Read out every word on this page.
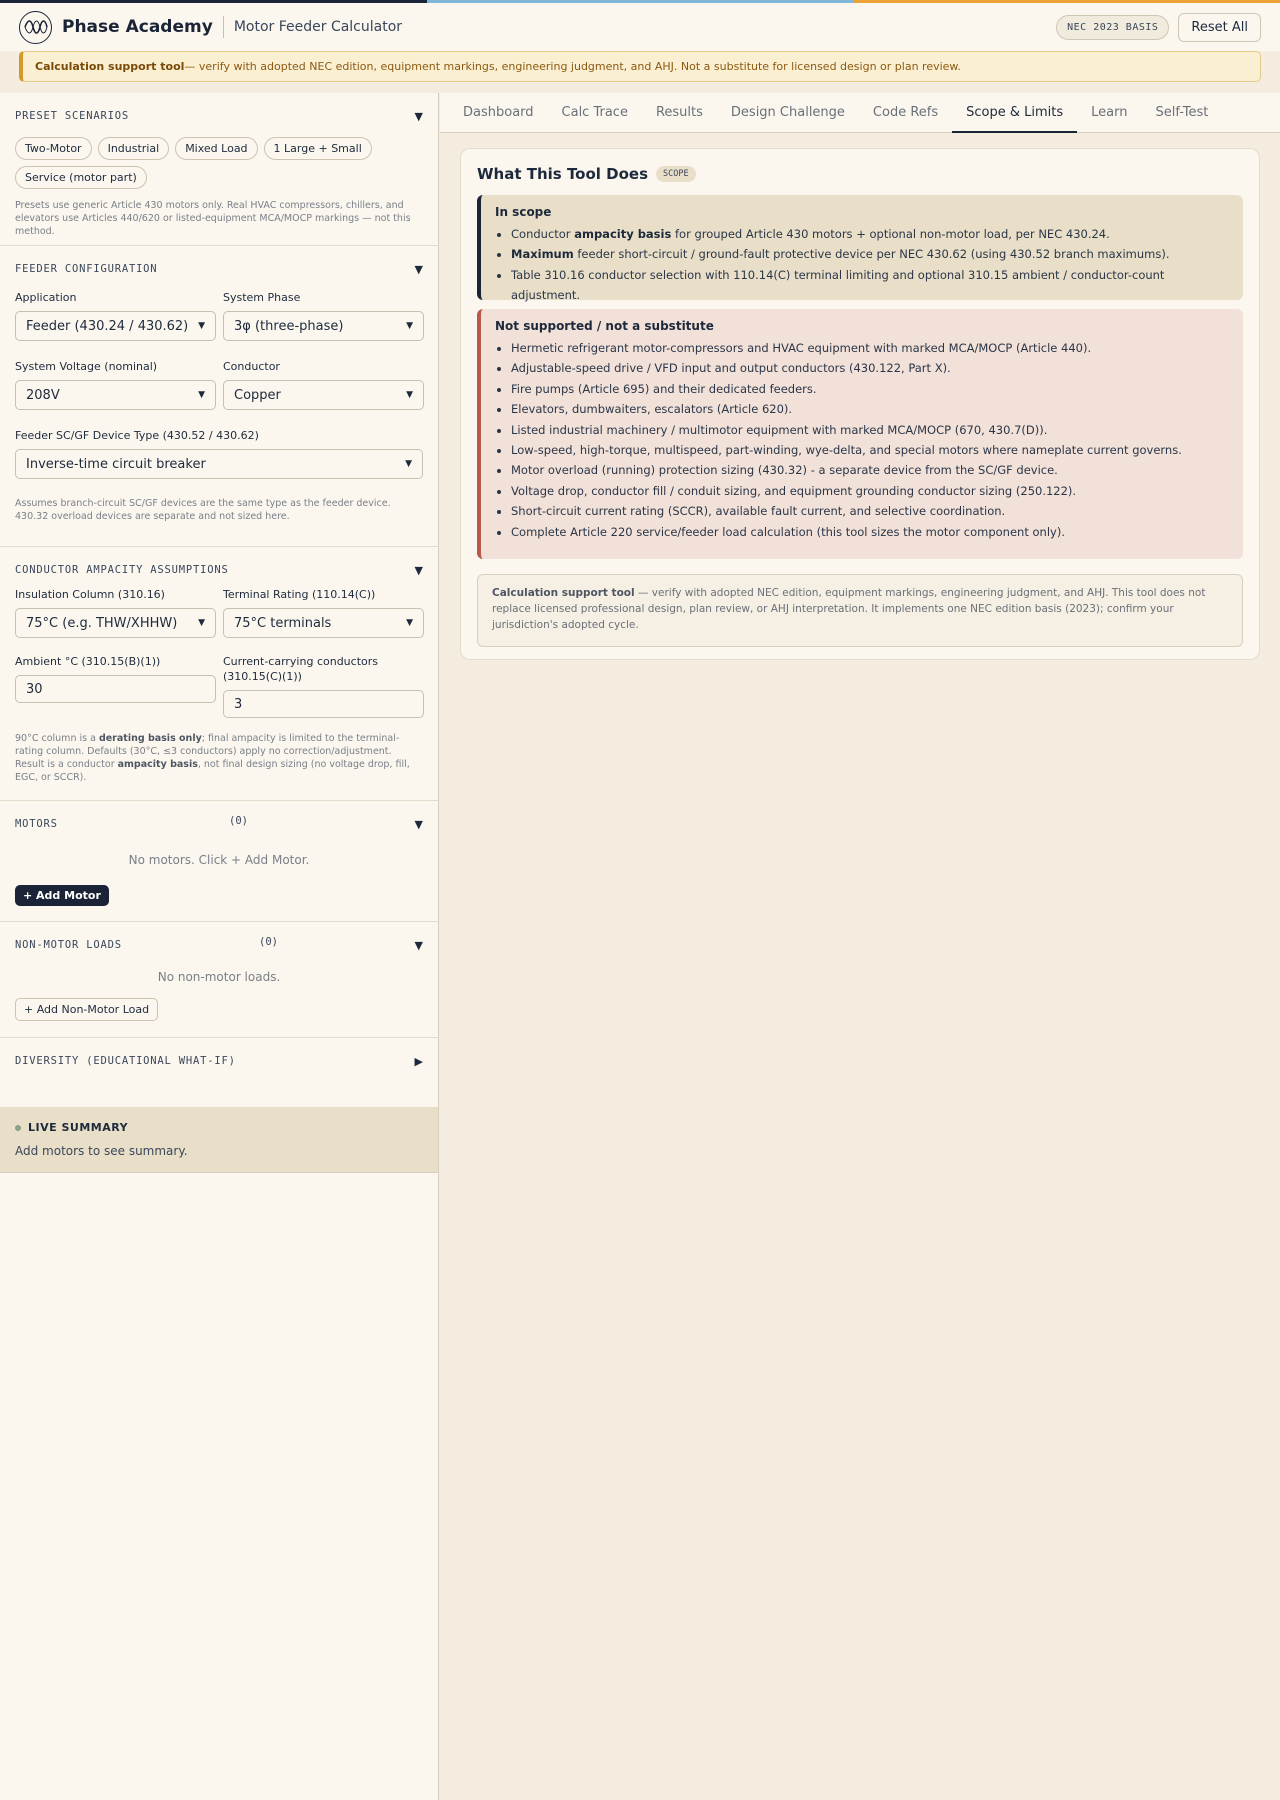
Phase Academy Motor Feeder Calculator	NEC 2023 BASIS	Reset All
Calculation support tool — verify with adopted NEC edition, equipment markings, engineering judgment, and AHJ. Not a substitute for licensed design or plan review.
PRESET SCENARIOS	▼
Two-Motor	Industrial	Mixed Load	1 Large + Small
Service (motor part)

Presets use generic Article 430 motors only. Real HVAC compressors, chillers, and elevators use Articles 440/620 or listed-equipment MCA/MOCP markings — not this method.

FEEDER CONFIGURATION	▼
Application
Feeder (430.24 / 430.62) ▼
System Phase
3φ (three-phase)	▼
System Voltage (nominal)
208V	▼
Conductor
Copper	▼
Feeder SC/GF Device Type (430.52 / 430.62)
Inverse-time circuit breaker	▼

Assumes branch-circuit SC/GF devices are the same type as the feeder device. 430.32 overload devices are separate and not sized here.

CONDUCTOR AMPACITY ASSUMPTIONS	▼
Insulation Column (310.16)
75°C (e.g. THW/XHHW) ▼
Terminal Rating (110.14(C))
75°C terminals	▼
Ambient °C (310.15(B)(1))
30
Current-carrying conductors (310.15(C)(1))
3

90°C column is a derating basis only; final ampacity is limited to the terminal-rating column. Defaults (30°C, ≤3 conductors) apply no correction/adjustment. Result is a conductor ampacity basis, not final design sizing (no voltage drop, fill, EGC, or SCCR).

MOTORS	▼
(0)

No motors. Click + Add Motor.

+ Add Motor
NON-MOTOR LOADS	▼
(0)

No non-motor loads.

+ Add Non-Motor Load
DIVERSITY (EDUCATIONAL WHAT-IF)	▶
LIVE SUMMARY

Add motors to see summary.

Dashboard	Calc Trace	Results	Design Challenge	Code Refs	Scope & Limits	Learn	Self-Test
What This Tool Does	SCOPE
In scope
• Conductor ampacity basis for grouped Article 430 motors + optional non-motor load, per NEC 430.24.
• Maximum feeder short-circuit / ground-fault protective device per NEC 430.62 (using 430.52 branch maximums).
• Table 310.16 conductor selection with 110.14(C) terminal limiting and optional 310.15 ambient / conductor-count adjustment.
Not supported / not a substitute
• Hermetic refrigerant motor-compressors and HVAC equipment with marked MCA/MOCP (Article 440).
• Adjustable-speed drive / VFD input and output conductors (430.122, Part X).
• Fire pumps (Article 695) and their dedicated feeders.
• Elevators, dumbwaiters, escalators (Article 620).
• Listed industrial machinery / multimotor equipment with marked MCA/MOCP (670, 430.7(D)).
• Low-speed, high-torque, multispeed, part-winding, wye-delta, and special motors where nameplate current governs.
• Motor overload (running) protection sizing (430.32) - a separate device from the SC/GF device.
• Voltage drop, conductor fill / conduit sizing, and equipment grounding conductor sizing (250.122).
• Short-circuit current rating (SCCR), available fault current, and selective coordination.
• Complete Article 220 service/feeder load calculation (this tool sizes the motor component only).
Calculation support tool — verify with adopted NEC edition, equipment markings, engineering judgment, and AHJ. This tool does not replace licensed professional design, plan review, or AHJ interpretation. It implements one NEC edition basis (2023); confirm your jurisdiction's adopted cycle.
